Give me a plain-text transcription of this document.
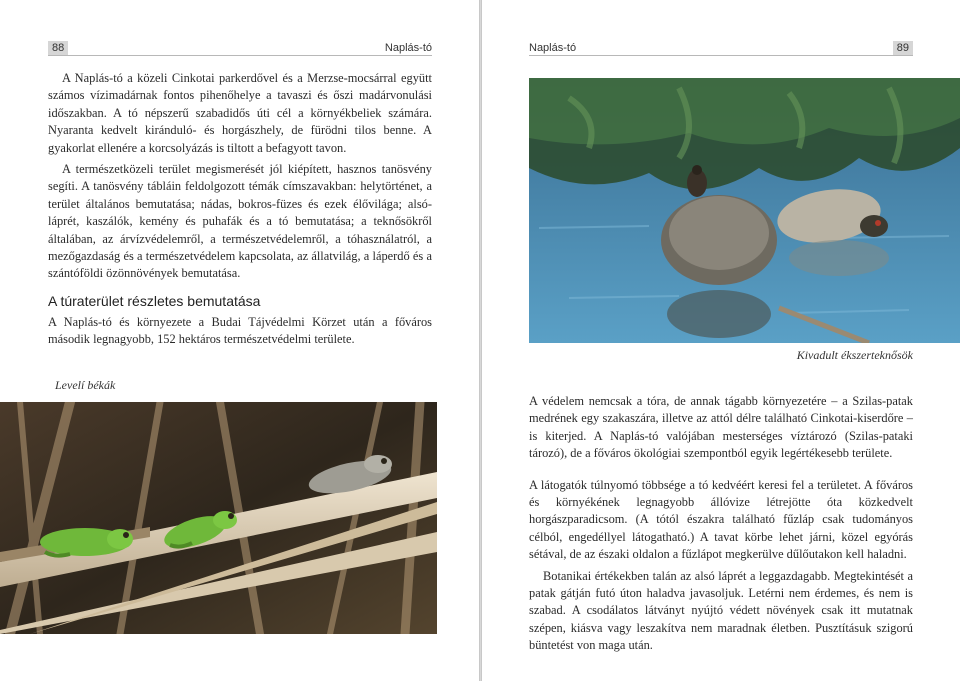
88	Naplás-tó

A Naplás-tó a közeli Cinkotai parkerdővel és a Merzse-mocsárral együtt számos vízimadárnak fontos pihenőhelye a tavaszi és őszi madárvonulási időszakban. A tó népszerű szabadidős úti cél a környékbeliek számára. Nyaranta kedvelt kiránduló- és horgászhely, de fürödni tilos benne. A gyakorlat ellenére a korcsolyázás is tiltott a befagyott tavon.

A természetközeli terület megismerését jól kiépített, hasznos tanösvény segíti. A tanösvény tábláin feldolgozott témák címszavakban: helytörténet, a terület általános bemutatása; nádas, bokros-füzes és ezek élővilága; alsó-láprét, kaszálók, kemény és puhafák és a tó bemutatása; a teknősökről általában, az árvízvédelemről, a természetvédelemről, a tóhasználatról, a mezőgazdaság és a természetvédelem kapcsolata, az állatvilág, a láperdő és a szántóföldi özönnövények bemutatása.

A túraterület részletes bemutatása

A Naplás-tó és környezete a Budai Tájvédelmi Körzet után a főváros második legnagyobb, 152 hektáros természetvédelmi területe.

Levelí békák
Naplás-tó	89
Kivadult ékszerteknősök

A védelem nemcsak a tóra, de annak tágabb környezetére – a Szilas-patak medrének egy szakaszára, illetve az attól délre található Cinkotai-kiserdőre – is kiterjed. A Naplás-tó valójában mesterséges víztározó (Szilas-pataki tározó), de a főváros ökológiai szempontból egyik legértékesebb területe.

A látogatók túlnyomó többsége a tó kedvéért keresi fel a területet. A főváros és környékének legnagyobb állóvize létrejötte óta közkedvelt horgászparadicsom. (A tótól északra található fűzláp csak tudományos célból, engedéllyel látogatható.) A tavat körbe lehet járni, közel egyórás sétával, de az északi oldalon a fűzlápot megkerülve dűlőutakon kell haladni.

Botanikai értékekben talán az alsó láprét a leggazdagabb. Megtekintését a patak gátján futó úton haladva javasoljuk. Letérni nem érdemes, és nem is szabad. A csodálatos látványt nyújtó védett növények csak itt mutatnak szépen, kiásva vagy leszakítva nem maradnak életben. Pusztításuk szigorú büntetést von maga után.
